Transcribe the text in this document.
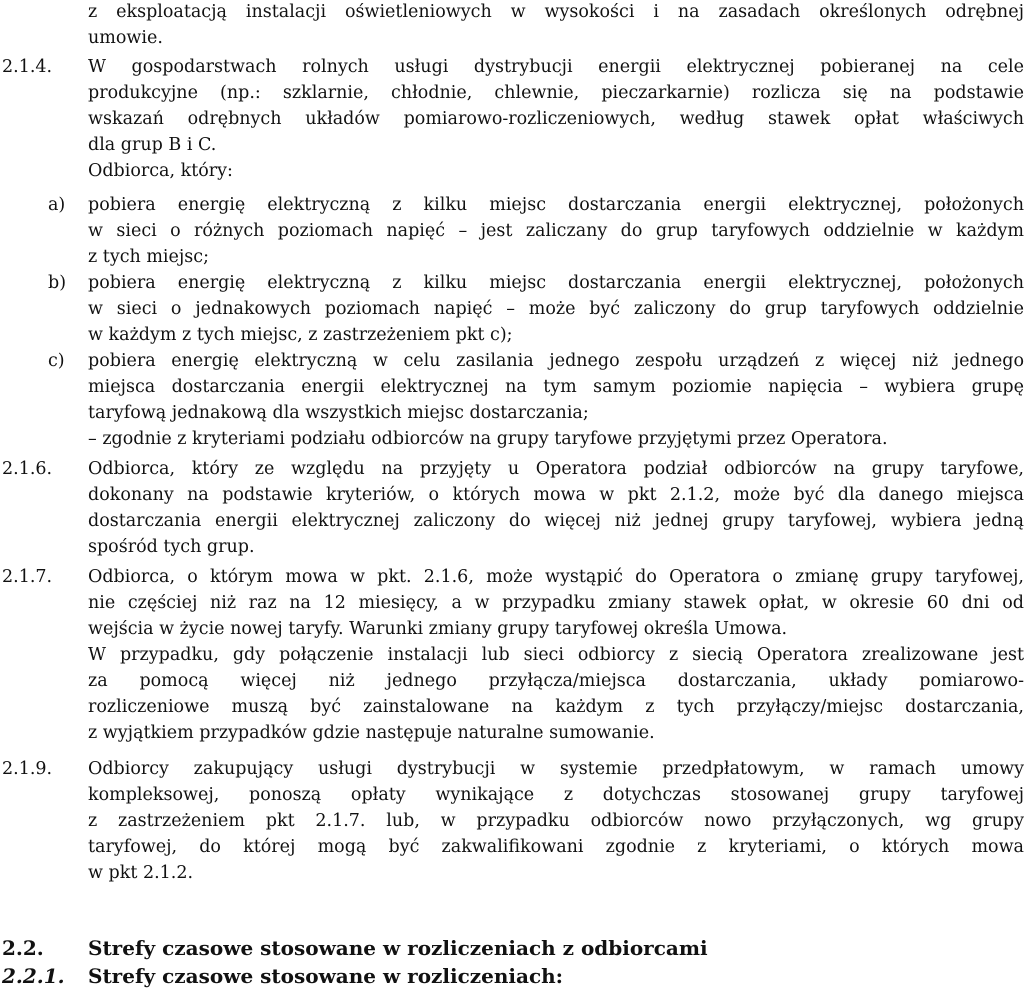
z eksploatacją instalacji oświetleniowych w wysokości i na zasadach określonych odrębnej
umowie.
2.1.4.	W gospodarstwach rolnych usługi dystrybucji energii elektrycznej pobieranej na cele
produkcyjne (np.: szklarnie, chłodnie, chlewnie, pieczarkarnie) rozlicza się na podstawie
wskazań odrębnych układów pomiarowo-rozliczeniowych, według stawek opłat właściwych
dla grup B i C.
Odbiorca, który:
a)	pobiera energię elektryczną z kilku miejsc dostarczania energii elektrycznej, położonych
w sieci o różnych poziomach napięć – jest zaliczany do grup taryfowych oddzielnie w każdym
z tych miejsc;
b)	pobiera energię elektryczną z kilku miejsc dostarczania energii elektrycznej, położonych
w sieci o jednakowych poziomach napięć – może być zaliczony do grup taryfowych oddzielnie
w każdym z tych miejsc, z zastrzeżeniem pkt c);
c)	pobiera energię elektryczną w celu zasilania jednego zespołu urządzeń z więcej niż jednego
miejsca dostarczania energii elektrycznej na tym samym poziomie napięcia – wybiera grupę
taryfową jednakową dla wszystkich miejsc dostarczania;
– zgodnie z kryteriami podziału odbiorców na grupy taryfowe przyjętymi przez Operatora.
2.1.6.	Odbiorca, który ze względu na przyjęty u Operatora podział odbiorców na grupy taryfowe,
dokonany na podstawie kryteriów, o których mowa w pkt 2.1.2, może być dla danego miejsca
dostarczania energii elektrycznej zaliczony do więcej niż jednej grupy taryfowej, wybiera jedną
spośród tych grup.
2.1.7.	Odbiorca, o którym mowa w pkt. 2.1.6, może wystąpić do Operatora o zmianę grupy taryfowej,
nie częściej niż raz na 12 miesięcy, a w przypadku zmiany stawek opłat, w okresie 60 dni od
wejścia w życie nowej taryfy. Warunki zmiany grupy taryfowej określa Umowa.
W przypadku, gdy połączenie instalacji lub sieci odbiorcy z siecią Operatora zrealizowane jest
za pomocą więcej niż jednego przyłącza/miejsca dostarczania, układy pomiarowo-
rozliczeniowe muszą być zainstalowane na każdym z tych przyłączy/miejsc dostarczania,
z wyjątkiem przypadków gdzie następuje naturalne sumowanie.
2.1.9.	Odbiorcy zakupujący usługi dystrybucji w systemie przedpłatowym, w ramach umowy
kompleksowej, ponoszą opłaty wynikające z dotychczas stosowanej grupy taryfowej
z zastrzeżeniem pkt 2.1.7. lub, w przypadku odbiorców nowo przyłączonych, wg grupy
taryfowej, do której mogą być zakwalifikowani zgodnie z kryteriami, o których mowa
w pkt 2.1.2.
2.2. Strefy czasowe stosowane w rozliczeniach z odbiorcami
2.2.1. Strefy czasowe stosowane w rozliczeniach:
